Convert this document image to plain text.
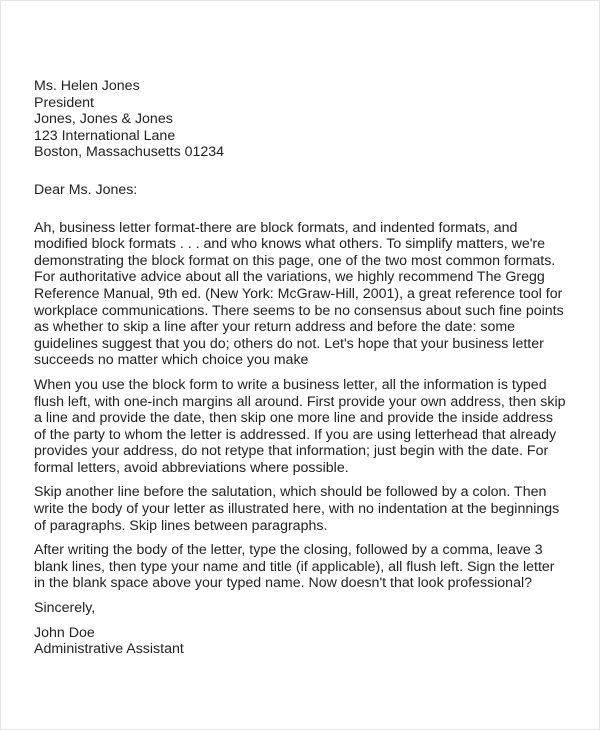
Ms. Helen Jones
President
Jones, Jones & Jones
123 International Lane
Boston, Massachusetts 01234
Dear Ms. Jones:
Ah, business letter format-there are block formats, and indented formats, and
modified block formats . . . and who knows what others. To simplify matters, we're
demonstrating the block format on this page, one of the two most common formats.
For authoritative advice about all the variations, we highly recommend The Gregg
Reference Manual, 9th ed. (New York: McGraw-Hill, 2001), a great reference tool for
workplace communications. There seems to be no consensus about such fine points
as whether to skip a line after your return address and before the date: some
guidelines suggest that you do; others do not. Let's hope that your business letter
succeeds no matter which choice you make
When you use the block form to write a business letter, all the information is typed
flush left, with one-inch margins all around. First provide your own address, then skip
a line and provide the date, then skip one more line and provide the inside address
of the party to whom the letter is addressed. If you are using letterhead that already
provides your address, do not retype that information; just begin with the date. For
formal letters, avoid abbreviations where possible.
Skip another line before the salutation, which should be followed by a colon. Then
write the body of your letter as illustrated here, with no indentation at the beginnings
of paragraphs. Skip lines between paragraphs.
After writing the body of the letter, type the closing, followed by a comma, leave 3
blank lines, then type your name and title (if applicable), all flush left. Sign the letter
in the blank space above your typed name. Now doesn't that look professional?
Sincerely,
John Doe
Administrative Assistant
